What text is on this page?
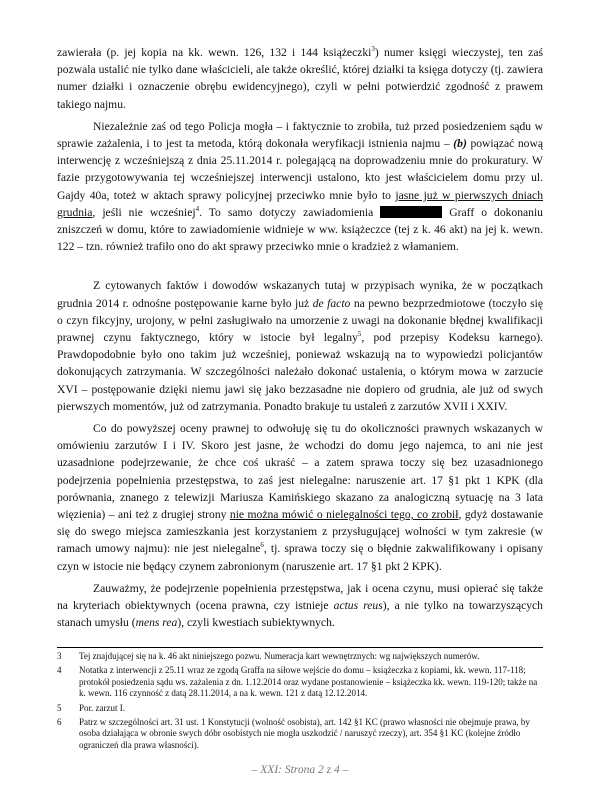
zawierała (p. jej kopia na kk. wewn. 126, 132 i 144 książeczki$^3$) numer księgi wieczystej, ten zaś pozwala ustalić nie tylko dane właścicieli, ale także określić, której działki ta księga dotyczy (tj. zawiera numer działki i oznaczenie obrębu ewidencyjnego), czyli w pełni potwierdzić zgodność z prawem takiego najmu.

Niezależnie zaś od tego Policja mogła – i faktycznie to zrobiła, tuż przed posiedzeniem sądu w sprawie zażalenia, i to jest ta metoda, którą dokonała weryfikacji istnienia najmu – (b) powiązać nową interwencję z wcześniejszą z dnia 25.11.2014 r. polegającą na doprowadzeniu mnie do prokuratury. W fazie przygotowywania tej wcześniejszej interwencji ustalono, kto jest właścicielem domu przy ul. Gajdy 40a, toteż w aktach sprawy policyjnej przeciwko mnie było to jasne już w pierwszych dniach grudnia, jeśli nie wcześniej$^4$. To samo dotyczy zawiadomienia	Graff o dokonaniu zniszczeń w domu, które to zawiadomienie widnieje w ww. książeczce (tej z k. 46 akt) na jej k. wewn. 122 – tzn. również trafiło ono do akt sprawy przeciwko mnie o kradzież z włamaniem.

Z cytowanych faktów i dowodów wskazanych tutaj w przypisach wynika, że w początkach grudnia 2014 r. odnośne postępowanie karne było już de facto na pewno bezprzedmiotowe (toczyło się o czyn fikcyjny, urojony, w pełni zasługiwało na umorzenie z uwagi na dokonanie błędnej kwalifikacji prawnej czynu faktycznego, który w istocie był legalny$^5$, pod przepisy Kodeksu karnego). Prawdopodobnie było ono takim już wcześniej, ponieważ wskazują na to wypowiedzi policjantów dokonujących zatrzymania. W szczególności należało dokonać ustalenia, o którym mowa w zarzucie XVI – postępowanie dzięki niemu jawi się jako bezzasadne nie dopiero od grudnia, ale już od swych pierwszych momentów, już od zatrzymania. Ponadto brakuje tu ustaleń z zarzutów XVII i XXIV.

Co do powyższej oceny prawnej to odwołuję się tu do okoliczności prawnych wskazanych w omówieniu zarzutów I i IV. Skoro jest jasne, że wchodzi do domu jego najemca, to ani nie jest uzasadnione podejrzewanie, że chce coś ukraść – a zatem sprawa toczy się bez uzasadnionego podejrzenia popełnienia przestępstwa, to zaś jest nielegalne: naruszenie art. 17 §1 pkt 1 KPK (dla porównania, znanego z telewizji Mariusza Kamińskiego skazano za analogiczną sytuację na 3 lata więzienia) – ani też z drugiej strony nie można mówić o nielegalności tego, co zrobił, gdyż dostawanie się do swego miejsca zamieszkania jest korzystaniem z przysługującej wolności w tym zakresie (w ramach umowy najmu): nie jest nielegalne$^6$, tj. sprawa toczy się o błędnie zakwalifikowany i opisany czyn w istocie nie będący czynem zabronionym (naruszenie art. 17 §1 pkt 2 KPK).

Zauważmy, że podejrzenie popełnienia przestępstwa, jak i ocena czynu, musi opierać się także na kryteriach obiektywnych (ocena prawna, czy istnieje actus reus), a nie tylko na towarzyszących stanach umysłu (mens rea), czyli kwestiach subiektywnych.

3	Tej znajdującej się na k. 46 akt niniejszego pozwu. Numeracja kart wewnętrznych: wg największych numerów.
4	Notatka z interwencji z 25.11 wraz ze zgodą Graffa na siłowe wejście do domu – książeczka z kopiami, kk. wewn. 117-118; protokół posiedzenia sądu ws. zażalenia z dn. 1.12.2014 oraz wydane postanowienie – książeczka kk. wewn. 119-120; także na k. wewn. 116 czynność z datą 28.11.2014, a na k. wewn. 121 z datą 12.12.2014.
5	Por. zarzut I.
6	Patrz w szczególności art. 31 ust. 1 Konstytucji (wolność osobista), art. 142 §1 KC (prawo własności nie obejmuje prawa, by osoba działająca w obronie swych dóbr osobistych nie mogła uszkodzić / naruszyć rzeczy), art. 354 §1 KC (kolejne źródło ograniczeń dla prawa własności).
– XXI: Strona 2 z 4 –
